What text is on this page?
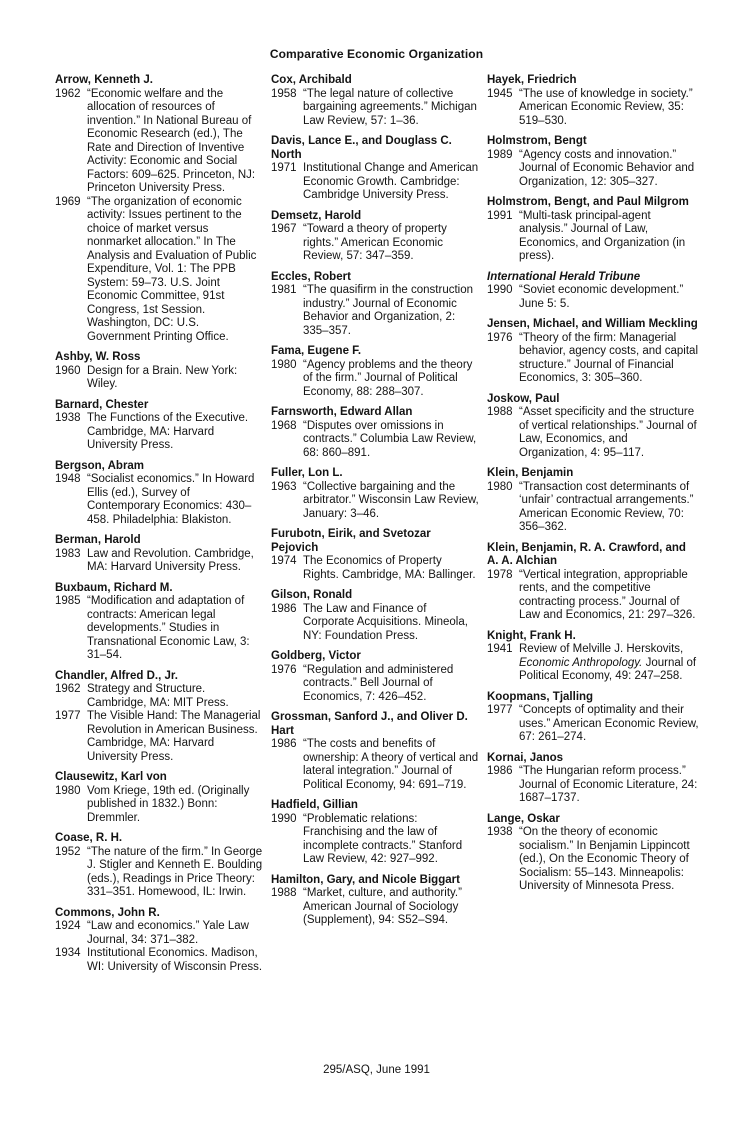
Comparative Economic Organization
Arrow, Kenneth J.
1962 “Economic welfare and the allocation of resources of invention.” In National Bureau of Economic Research (ed.), The Rate and Direction of Inventive Activity: Economic and Social Factors: 609–625. Princeton, NJ: Princeton University Press.
1969 “The organization of economic activity: Issues pertinent to the choice of market versus nonmarket allocation.” In The Analysis and Evaluation of Public Expenditure, Vol. 1: The PPB System: 59–73. U.S. Joint Economic Committee, 91st Congress, 1st Session. Washington, DC: U.S. Government Printing Office.
Ashby, W. Ross
1960 Design for a Brain. New York: Wiley.
Barnard, Chester
1938 The Functions of the Executive. Cambridge, MA: Harvard University Press.
Bergson, Abram
1948 “Socialist economics.” In Howard Ellis (ed.), Survey of Contemporary Economics: 430–458. Philadelphia: Blakiston.
Berman, Harold
1983 Law and Revolution. Cambridge, MA: Harvard University Press.
Buxbaum, Richard M.
1985 “Modification and adaptation of contracts: American legal developments.” Studies in Transnational Economic Law, 3: 31–54.
Chandler, Alfred D., Jr.
1962 Strategy and Structure. Cambridge, MA: MIT Press.
1977 The Visible Hand: The Managerial Revolution in American Business. Cambridge, MA: Harvard University Press.
Clausewitz, Karl von
1980 Vom Kriege, 19th ed. (Originally published in 1832.) Bonn: Dremmler.
Coase, R. H.
1952 “The nature of the firm.” In George J. Stigler and Kenneth E. Boulding (eds.), Readings in Price Theory: 331–351. Homewood, IL: Irwin.
Commons, John R.
1924 “Law and economics.” Yale Law Journal, 34: 371–382.
1934 Institutional Economics. Madison, WI: University of Wisconsin Press.
Cox, Archibald
1958 “The legal nature of collective bargaining agreements.” Michigan Law Review, 57: 1–36.
Davis, Lance E., and Douglass C. North
1971 Institutional Change and American Economic Growth. Cambridge: Cambridge University Press.
Demsetz, Harold
1967 “Toward a theory of property rights.” American Economic Review, 57: 347–359.
Eccles, Robert
1981 “The quasifirm in the construction industry.” Journal of Economic Behavior and Organization, 2: 335–357.
Fama, Eugene F.
1980 “Agency problems and the theory of the firm.” Journal of Political Economy, 88: 288–307.
Farnsworth, Edward Allan
1968 “Disputes over omissions in contracts.” Columbia Law Review, 68: 860–891.
Fuller, Lon L.
1963 “Collective bargaining and the arbitrator.” Wisconsin Law Review, January: 3–46.
Furubotn, Eirik, and Svetozar Pejovich
1974 The Economics of Property Rights. Cambridge, MA: Ballinger.
Gilson, Ronald
1986 The Law and Finance of Corporate Acquisitions. Mineola, NY: Foundation Press.
Goldberg, Victor
1976 “Regulation and administered contracts.” Bell Journal of Economics, 7: 426–452.
Grossman, Sanford J., and Oliver D. Hart
1986 “The costs and benefits of ownership: A theory of vertical and lateral integration.” Journal of Political Economy, 94: 691–719.
Hadfield, Gillian
1990 “Problematic relations: Franchising and the law of incomplete contracts.” Stanford Law Review, 42: 927–992.
Hamilton, Gary, and Nicole Biggart
1988 “Market, culture, and authority.” American Journal of Sociology (Supplement), 94: S52–S94.
Hayek, Friedrich
1945 “The use of knowledge in society.” American Economic Review, 35: 519–530.
Holmstrom, Bengt
1989 “Agency costs and innovation.” Journal of Economic Behavior and Organization, 12: 305–327.
Holmstrom, Bengt, and Paul Milgrom
1991 “Multi-task principal-agent analysis.” Journal of Law, Economics, and Organization (in press).
International Herald Tribune
1990 “Soviet economic development.” June 5: 5.
Jensen, Michael, and William Meckling
1976 “Theory of the firm: Managerial behavior, agency costs, and capital structure.” Journal of Financial Economics, 3: 305–360.
Joskow, Paul
1988 “Asset specificity and the structure of vertical relationships.” Journal of Law, Economics, and Organization, 4: 95–117.
Klein, Benjamin
1980 “Transaction cost determinants of ‘unfair’ contractual arrangements.” American Economic Review, 70: 356–362.
Klein, Benjamin, R. A. Crawford, and A. A. Alchian
1978 “Vertical integration, appropriable rents, and the competitive contracting process.” Journal of Law and Economics, 21: 297–326.
Knight, Frank H.
1941 Review of Melville J. Herskovits, Economic Anthropology. Journal of Political Economy, 49: 247–258.
Koopmans, Tjalling
1977 “Concepts of optimality and their uses.” American Economic Review, 67: 261–274.
Kornai, Janos
1986 “The Hungarian reform process.” Journal of Economic Literature, 24: 1687–1737.
Lange, Oskar
1938 “On the theory of economic socialism.” In Benjamin Lippincott (ed.), On the Economic Theory of Socialism: 55–143. Minneapolis: University of Minnesota Press.
295/ASQ, June 1991
